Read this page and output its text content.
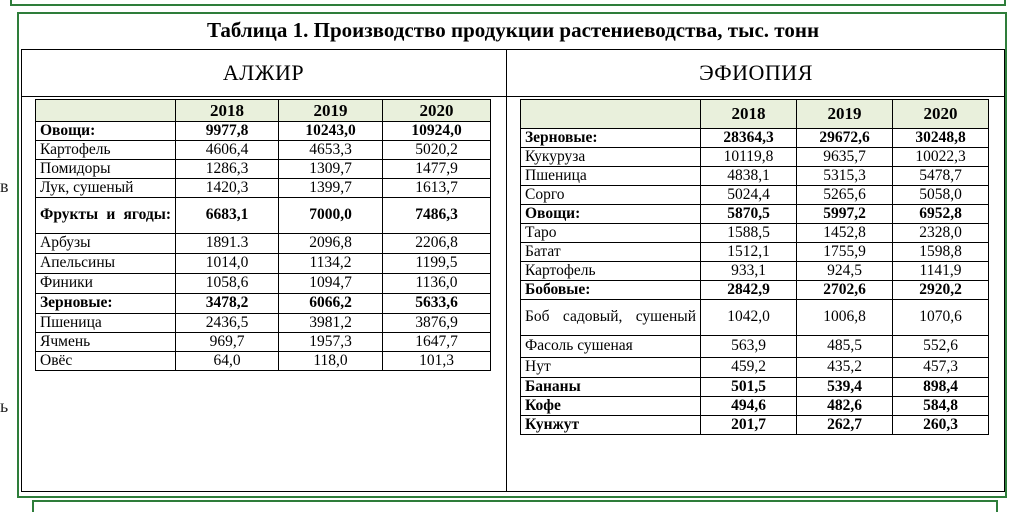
в
ь
Таблица 1. Производство продукции растениеводства, тыс. тонн
АЛЖИР	ЭФИОПИЯ
	2018	2019	2020
Овощи:	9977,8	10243,0	10924,0
Картофель	4606,4	4653,3	5020,2
Помидоры	1286,3	1309,7	1477,9
Лук, сушеный	1420,3	1399,7	1613,7
Фрукты и ягоды:	6683,1	7000,0	7486,3
Арбузы	1891.3	2096,8	2206,8
Апельсины	1014,0	1134,2	1199,5
Финики	1058,6	1094,7	1136,0
Зерновые:	3478,2	6066,2	5633,6
Пшеница	2436,5	3981,2	3876,9
Ячмень	969,7	1957,3	1647,7
Овёс	64,0	118,0	101,3
	2018	2019	2020
Зерновые:	28364,3	29672,6	30248,8
Кукуруза	10119,8	9635,7	10022,3
Пшеница	4838,1	5315,3	5478,7
Сорго	5024,4	5265,6	5058,0
Овощи:	5870,5	5997,2	6952,8
Таро	1588,5	1452,8	2328,0
Батат	1512,1	1755,9	1598,8
Картофель	933,1	924,5	1141,9
Бобовые:	2842,9	2702,6	2920,2
Боб садовый, сушеный	1042,0	1006,8	1070,6
Фасоль сушеная	563,9	485,5	552,6
Нут	459,2	435,2	457,3
Бананы	501,5	539,4	898,4
Кофе	494,6	482,6	584,8
Кунжут	201,7	262,7	260,3
